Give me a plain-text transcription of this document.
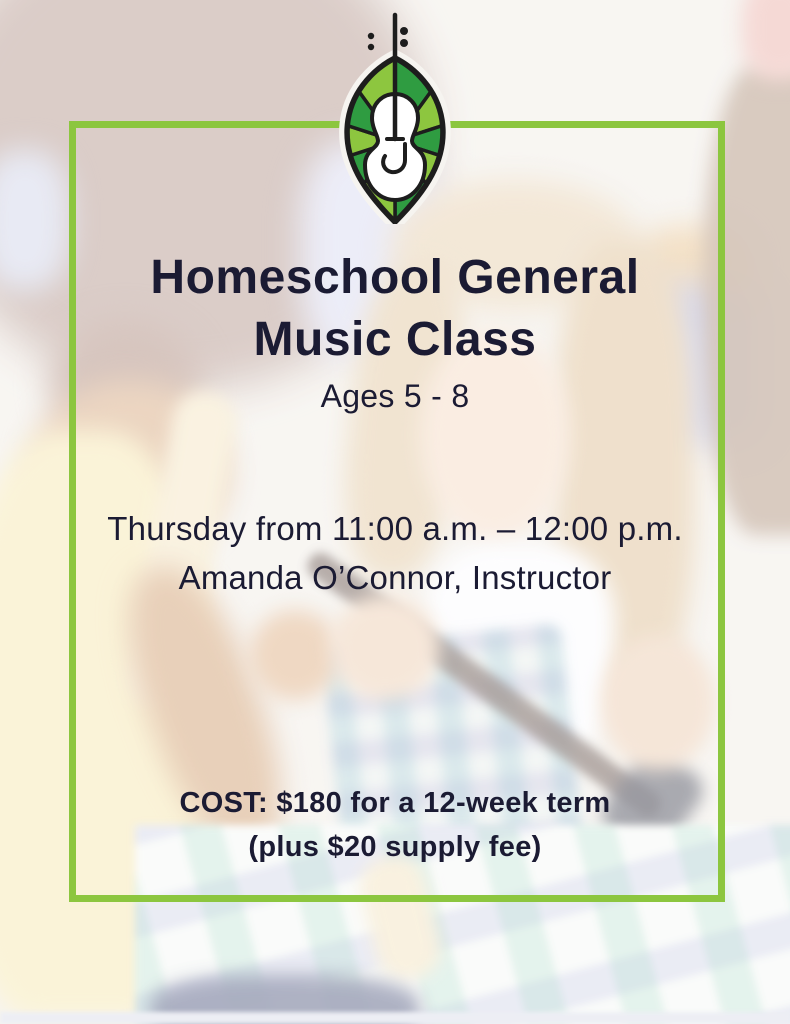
Homeschool General
Music Class
Ages 5 - 8
Thursday from 11:00 a.m. – 12:00 p.m.
Amanda O’Connor, Instructor
COST: $180 for a 12-week term
(plus $20 supply fee)
